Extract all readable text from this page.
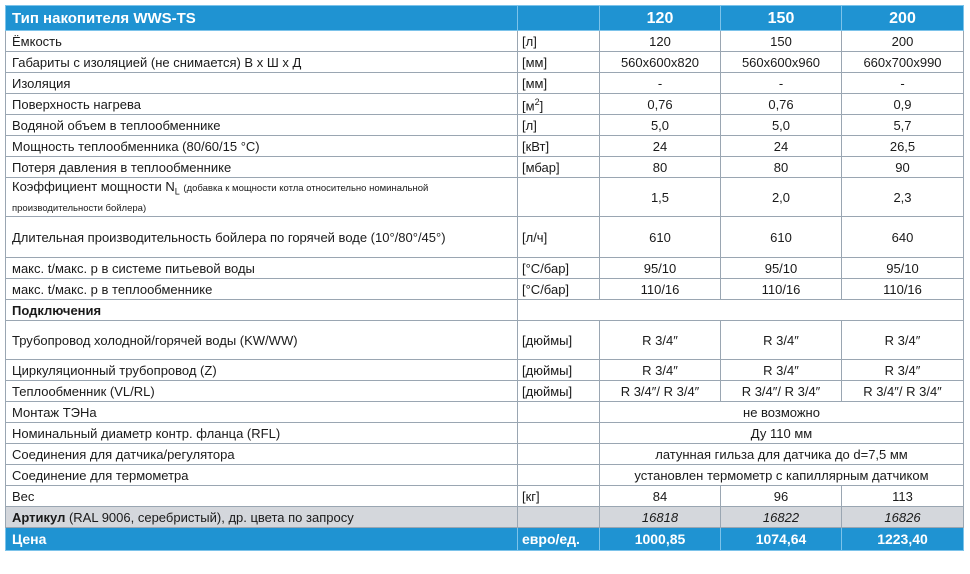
Тип накопителя WWS-TS		120	150	200
Ёмкость	[л]	120	150	200
Габариты с изоляцией (не снимается) В х Ш х Д	[мм]	560x600x820	560x600x960	660x700x990
Изоляция	[мм]	-	-	-
Поверхность нагрева	$[м^2]$	0,76	0,76	0,9
Водяной объем в теплообменнике	[л]	5,0	5,0	5,7
Мощность теплообменника (80/60/15 °C)	[кВт]	24	24	26,5
Потеря давления в теплообменнике	[мбар]	80	80	90
Коэффициент мощности $N_L$ (добавка к мощности котла относительно номинальной производительности бойлера)		1,5	2,0	2,3
Длительная производительность бойлера по горячей воде (10°/80°/45°)	[л/ч]	610	610	640
макс. t/макс. p в системе питьевой воды	[°C/бар]	95/10	95/10	95/10
макс. t/макс. p в теплообменнике	[°C/бар]	110/16	110/16	110/16
Подключения				

Трубопровод холодной/горячей воды (KW/WW)	[дюймы]	R 3/4″	R 3/4″	R 3/4″
Циркуляционный трубопровод (Z)	[дюймы]	R 3/4″	R 3/4″	R 3/4″
Теплообменник (VL/RL)	[дюймы]	R 3/4″/ R 3/4″	R 3/4″/ R 3/4″	R 3/4″/ R 3/4″
Монтаж ТЭНа		не возможно		
Номинальный диаметр контр. фланца (RFL)		Ду 110 мм		
Соединения для датчика/регулятора		латунная гильза для датчика до d=7,5 мм		
Соединение для термометра		установлен термометр с капиллярным датчиком		
Вес	[кг]	84	96	113
Артикул (RAL 9006, серебристый), др. цвета по запросу		16818	16822	16826
Цена	евро/ед.	1000,85	1074,64	1223,40
